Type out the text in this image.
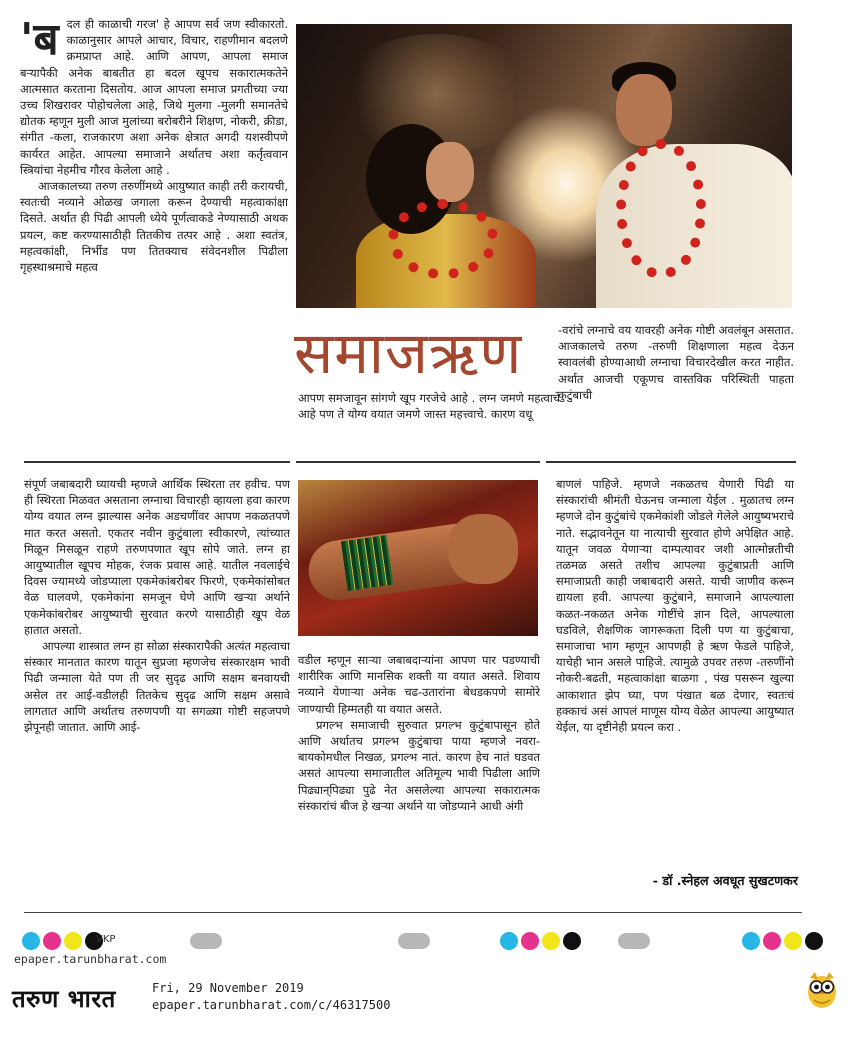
'ब दल ही काळाची गरज' हे आपण सर्व जण स्वीकारतो. काळानुसार आपले आचार, विचार, राहणीमान बदलणे क्रमप्राप्त आहे. आणि आपण, आपला समाज बऱ्यापैकी अनेक बाबतीत हा बदल खूपच सकारात्मकतेने आत्मसात करताना दिसतोय. आज आपला समाज प्रगतीच्या ज्या उच्च शिखरावर पोहोचलेला आहे, जिथे मुलगा -मुलगी समानतेचे द्योतक म्हणून मुली आज मुलांच्या बरोबरीने शिक्षण, नोकरी, क्रीडा, संगीत -कला, राजकारण अशा अनेक क्षेत्रात अगदी यशस्वीपणे कार्यरत आहेत. आपल्या समाजाने अर्थातच अशा कर्तृत्ववान स्त्रियांचा नेहमीच गौरव केलेला आहे .

आजकालच्या तरुण तरुणींमध्ये आयुष्यात काही तरी करायची, स्वतःची नव्याने ओळख जगाला करून देण्याची महत्वाकांक्षा दिसते. अर्थात ही पिढी आपली ध्येये पूर्णत्वाकडे नेण्यासाठी अथक प्रयत्न, कष्ट करण्यासाठीही तितकीच तत्पर आहे . अशा स्वतंत्र, महत्वकांक्षी, निर्भीड पण तितक्याच संवेदनशील पिढीला गृहस्थाश्रमाचे महत्व

समाजऋण

आपण समजावून सांगणे खूप गरजेचे आहे . लग्न जमणे महत्वाचे आहे पण ते योग्य वयात जमणे जास्त महत्त्वाचे. कारण वधू

-वरांचे लग्नाचे वय यावरही अनेक गोष्टी अवलंबून असतात. आजकालचे तरुण -तरुणी शिक्षणाला महत्व देऊन स्वावलंबी होण्याआधी लग्नाचा विचारदेखील करत नाहीत. अर्थात आजची एकूणच वास्तविक परिस्थिती पाहता कुटुंबाची

संपूर्ण जबाबदारी घ्यायची म्हणजे आर्थिक स्थिरता तर हवीच. पण ही स्थिरता मिळवत असताना लग्नाचा विचारही व्हायला हवा कारण योग्य वयात लग्न झाल्यास अनेक अडचणींवर आपण नकळतपणे मात करत असतो. एकतर नवीन कुटुंबाला स्वीकारणे, त्यांच्यात मिळून मिसळून राहणे तरुणपणात खूप सोपे जाते. लग्न हा आयुष्यातील खूपच मोहक, रंजक प्रवास आहे. यातील नवलाईचे दिवस ज्यामध्ये जोडप्याला एकमेकांबरोबर फिरणे, एकमेकांसोबत वेळ घालवणे, एकमेकांना समजून घेणे आणि खऱ्या अर्थाने एकमेकांबरोबर आयुष्याची सुरवात करणे यासाठीही खूप वेळ हातात असतो.

आपल्या शास्त्रात लग्न हा सोळा संस्कारापैकी अत्यंत महत्वाचा संस्कार मानतात कारण यातून सुप्रजा म्हणजेच संस्कारक्षम भावी पिढी जन्माला येते पण ती जर सुदृढ आणि सक्षम बनवायची असेल तर आई-वडीलही तितकेच सुदृढ आणि सक्षम असावे लागतात आणि अर्थातच तरुणपणी या सगळ्या गोष्टी सहजपणे झेपूनही जातात. आणि आई-

वडील म्हणून साऱ्या जबाबदाऱ्यांना आपण पार पडण्याची शारीरिक आणि मानसिक शक्ती या वयात असते. शिवाय नव्याने येणाऱ्या अनेक चढ-उतारांना बेधडकपणे सामोरे जाण्याची हिम्मतही या वयात असते.

प्रगल्भ समाजाची सुरुवात प्रगल्भ कुटुंबापासून होते आणि अर्थातच प्रगल्भ कुटुंबाचा पाया म्हणजे नवरा-बायकोमधील निखळ, प्रगल्भ नातं. कारण हेच नातं घडवत असतं आपल्या समाजातील अतिमूल्य भावी पिढीला आणि पिढ्यान्‌पिढ्या पुढे नेत असलेल्या आपल्या सकारात्मक संस्कारांचं बीज हे खऱ्या अर्थाने या जोडप्याने आधी अंगी

बाणलं पाहिजे. म्हणजे नकळतच येणारी पिढी या संस्कारांची श्रीमंती घेऊनच जन्माला येईल . मुळातच लग्न म्हणजे दोन कुटुंबांचे एकमेकांशी जोडले गेलेले आयुष्यभराचे नाते. सद्भावनेतून या नात्याची सुरवात होणे अपेक्षित आहे. यातून जवळ येणाऱ्या दाम्पत्यावर जशी आत्मोन्नतीची तळमळ असते तशीच आपल्या कुटुंबाप्रती आणि समाजाप्रती काही जबाबदारी असते. याची जाणीव करून द्यायला हवी. आपल्या कुटुंबाने, समाजाने आपल्याला कळत-नकळत अनेक गोष्टींचे ज्ञान दिले, आपल्याला घडविले, शैक्षणिक जागरूकता दिली पण या कुटुंबाचा, समाजाचा भाग म्हणून आपणही हे ऋण फेडले पाहिजे, याचेही भान असले पाहिजे. त्यामुळे उपवर तरुण -तरुणींनो नोकरी-बढती, महत्वाकांक्षा बाळगा , पंख पसरून खुल्या आकाशात झेप घ्या, पण पंखात बळ देणार, स्वतःचं हक्काचं असं आपलं माणूस योग्य वेळेत आपल्या आयुष्यात येईल, या दृष्टीनेही प्रयत्न करा .

- डॉ .स्नेहल अवधूत सुखटणकर
VKP
epaper.tarunbharat.com
तरुण भारत	Fri, 29 November 2019
epaper.tarunbharat.com/c/46317500
